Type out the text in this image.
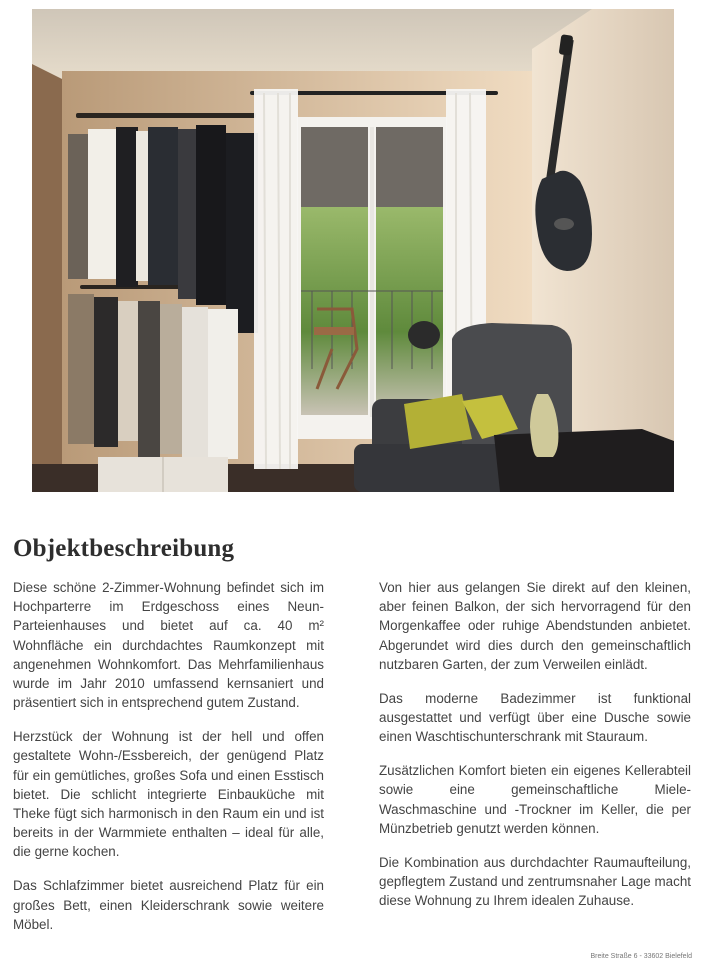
Objektbeschreibung

Diese schöne 2-Zimmer-Wohnung befindet sich im Hochparterre im Erdgeschoss eines Neun-Parteienhauses und bietet auf ca. 40 m² Wohnfläche ein durchdachtes Raumkonzept mit angenehmen Wohnkomfort. Das Mehrfamilienhaus wurde im Jahr 2010 umfassend kernsaniert und präsentiert sich in entsprechend gutem Zustand.

Herzstück der Wohnung ist der hell und offen gestaltete Wohn-/Essbereich, der genügend Platz für ein gemütliches, großes Sofa und einen Esstisch bietet. Die schlicht integrierte Einbauküche mit Theke fügt sich harmonisch in den Raum ein und ist bereits in der Warmmiete enthalten – ideal für alle, die gerne kochen.

Das Schlafzimmer bietet ausreichend Platz für ein großes Bett, einen Kleiderschrank sowie weitere Möbel.

Von hier aus gelangen Sie direkt auf den kleinen, aber feinen Balkon, der sich hervorragend für den Morgenkaffee oder ruhige Abendstunden anbietet. Abgerundet wird dies durch den gemeinschaftlich nutzbaren Garten, der zum Verweilen einlädt.

Das moderne Badezimmer ist funktional ausgestattet und verfügt über eine Dusche sowie einen Waschtischunterschrank mit Stauraum.

Zusätzlichen Komfort bieten ein eigenes Kellerabteil sowie eine gemeinschaftliche Miele-Waschmaschine und -Trockner im Keller, die per Münzbetrieb genutzt werden können.

Die Kombination aus durchdachter Raumaufteilung, gepflegtem Zustand und zentrumsnaher Lage macht diese Wohnung zu Ihrem idealen Zuhause.

Breite Straße 6 - 33602 Bielefeld
